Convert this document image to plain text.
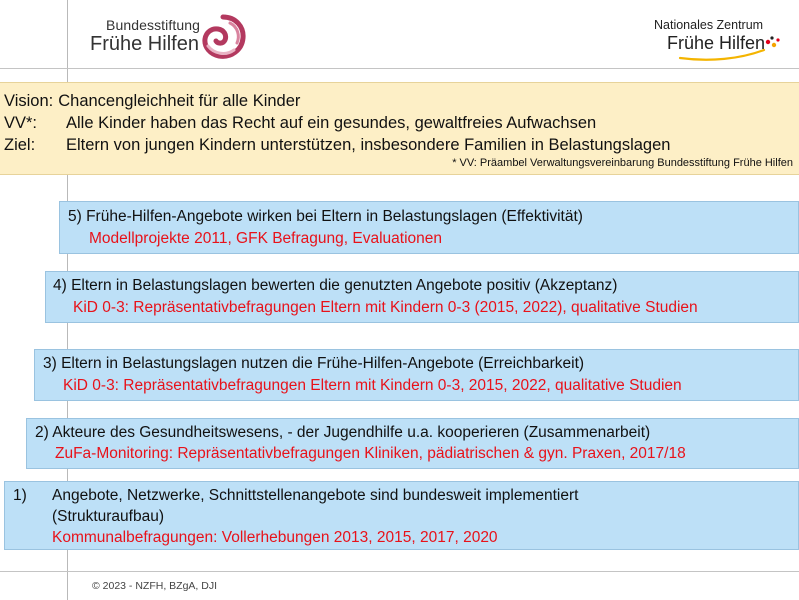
Bundesstiftung
Frühe Hilfen
Nationales Zentrum
Frühe Hilfen
Vision: Chancengleichheit für alle Kinder
VV*: Alle Kinder haben das Recht auf ein gesundes, gewaltfreies Aufwachsen
Ziel: Eltern von jungen Kindern unterstützen, insbesondere Familien in Belastungslagen
* VV: Präambel Verwaltungsvereinbarung Bundesstiftung Frühe Hilfen
5) Frühe-Hilfen-Angebote wirken bei Eltern in Belastungslagen (Effektivität)
Modellprojekte 2011, GFK Befragung, Evaluationen
4) Eltern in Belastungslagen bewerten die genutzten Angebote positiv (Akzeptanz)
KiD 0-3: Repräsentativbefragungen Eltern mit Kindern 0-3 (2015, 2022), qualitative Studien
3) Eltern in Belastungslagen nutzen die Frühe-Hilfen-Angebote (Erreichbarkeit)
KiD 0-3: Repräsentativbefragungen Eltern mit Kindern 0-3, 2015, 2022, qualitative Studien
2) Akteure des Gesundheitswesens, - der Jugendhilfe u.a. kooperieren (Zusammenarbeit)
ZuFa-Monitoring: Repräsentativbefragungen Kliniken, pädiatrischen & gyn. Praxen, 2017/18
1) Angebote, Netzwerke, Schnittstellenangebote sind bundesweit implementiert
(Strukturaufbau)
Kommunalbefragungen: Vollerhebungen 2013, 2015, 2017, 2020
© 2023 - NZFH, BZgA, DJI
